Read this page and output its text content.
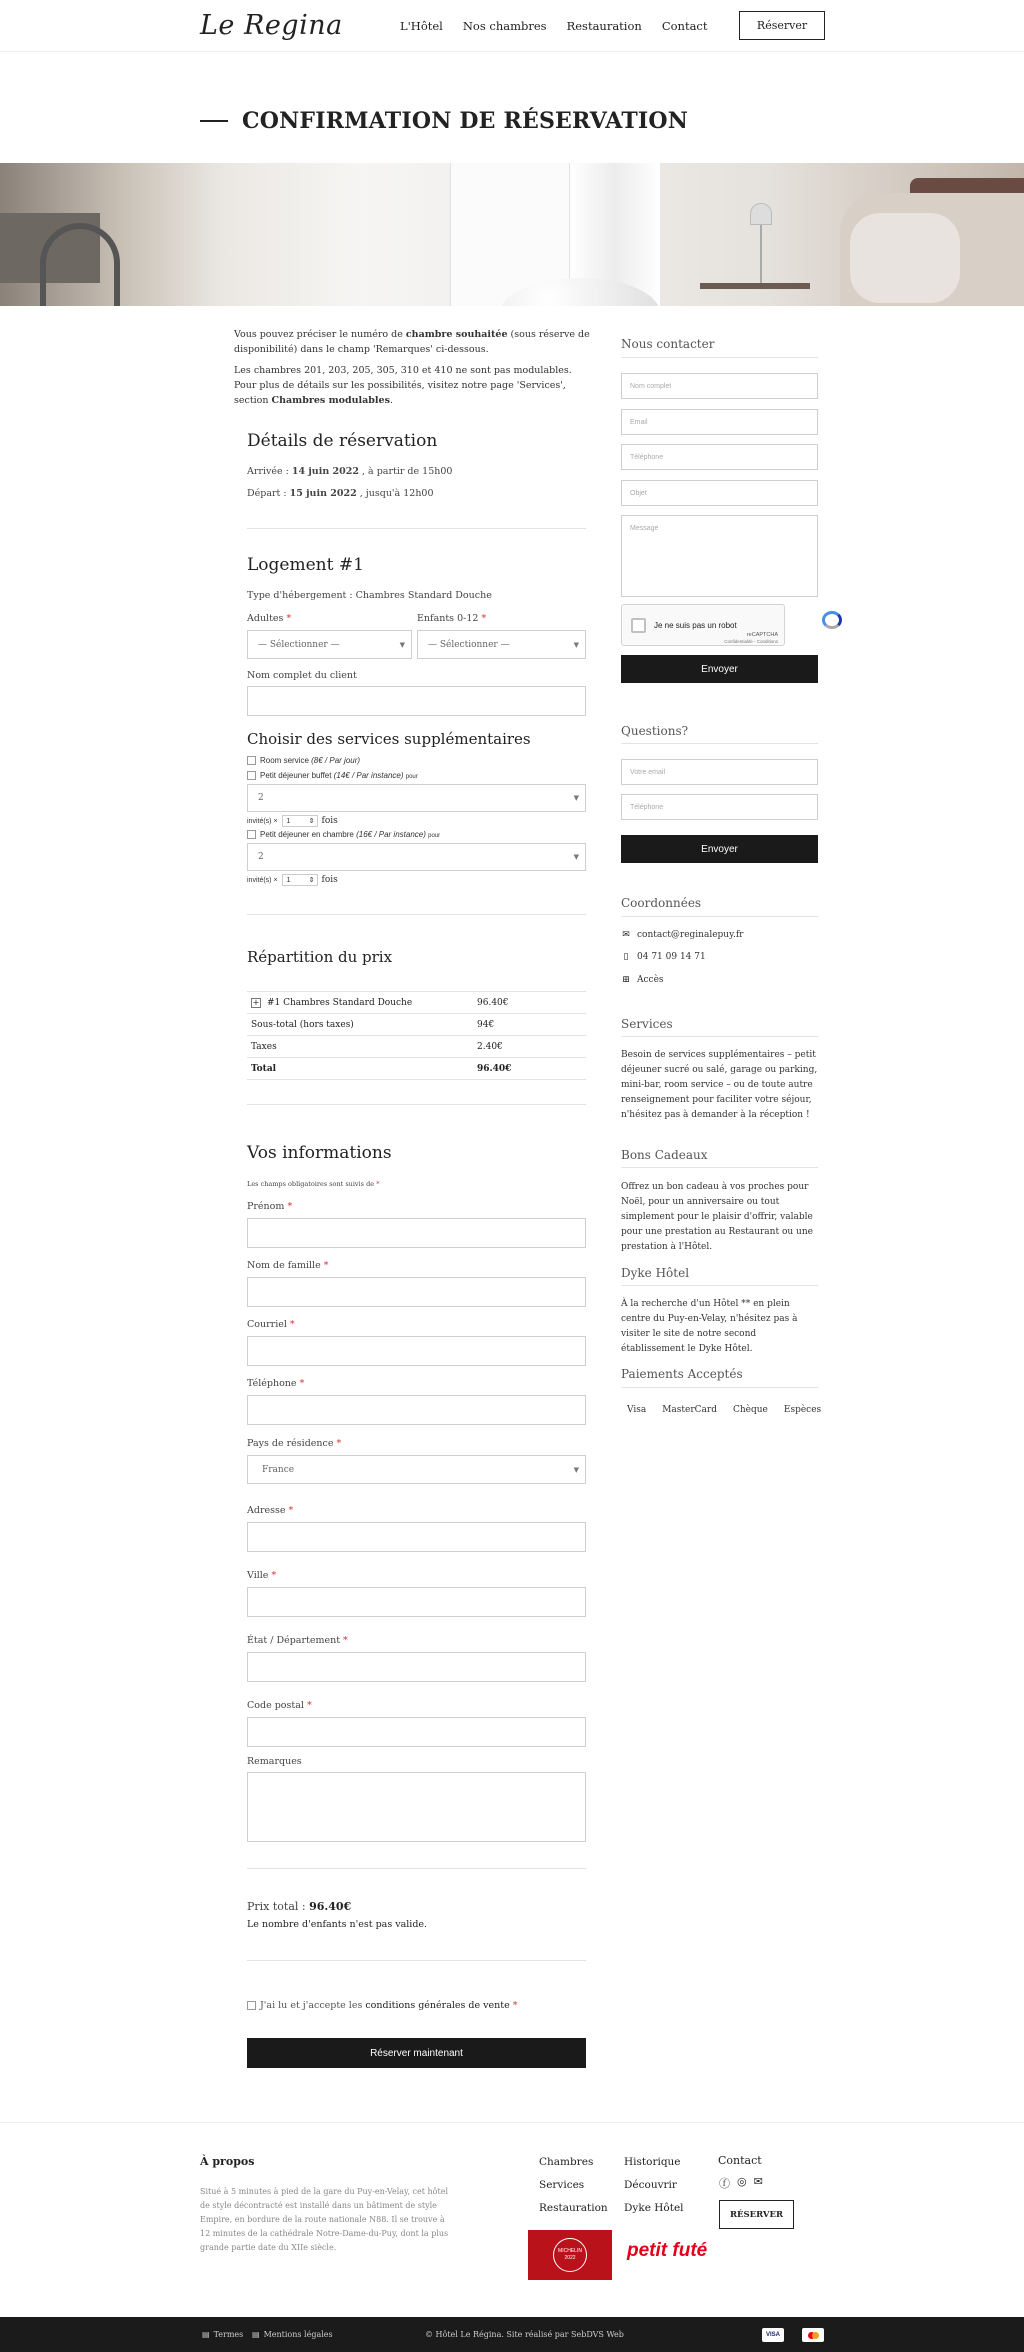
Le Regina	L'Hôtel Nos chambres Restauration Contact	Réserver
CONFIRMATION DE RÉSERVATION

Vous pouvez préciser le numéro de chambre souhaitée (sous réserve de disponibilité) dans le champ 'Remarques' ci-dessous.

Les chambres 201, 203, 205, 305, 310 et 410 ne sont pas modulables. Pour plus de détails sur les possibilités, visitez notre page 'Services', section Chambres modulables.

Détails de réservation
Arrivée : 14 juin 2022 , à partir de 15h00
Départ : 15 juin 2022 , jusqu'à 12h00
Logement #1
Type d'hébergement : Chambres Standard Douche
Adultes *	Enfants 0-12 *
— Sélectionner —	▼	— Sélectionner —	▼
Nom complet du client
Choisir des services supplémentaires
Room service (8€ / Par jour)
Petit déjeuner buffet (14€ / Par instance) pour
2	▼
invité(s) × 1	⇕ fois
Petit déjeuner en chambre (16€ / Par instance) pour
2	▼
invité(s) × 1	⇕ fois
Répartition du prix
+ #1 Chambres Standard Douche	96.40€
Sous-total (hors taxes)	94€
Taxes	2.40€
Total	96.40€
Vos informations
Les champs obligatoires sont suivis de *
Prénom *
Nom de famille *
Courriel *
Téléphone *
Pays de résidence *
France	▼
Adresse *
Ville *
État / Département *
Code postal *
Remarques
Prix total : 96.40€
Le nombre d'enfants n'est pas valide.
J'ai lu et j'accepte les conditions générales de vente *
Réserver maintenant
Nous contacter
Nom complet
Email
Téléphone
Objet
Message
Je ne suis pas un robot
reCAPTCHA
Confidentialité - Conditions
Envoyer
Questions?
Votre email
Téléphone
Envoyer
Coordonnées
✉ contact@reginalepuy.fr
▯ 04 71 09 14 71
⊞ Accès
Services
Besoin de services supplémentaires – petit déjeuner sucré ou salé, garage ou parking, mini-bar, room service – ou de toute autre renseignement pour faciliter votre séjour, n'hésitez pas à demander à la réception !
Bons Cadeaux
Offrez un bon cadeau à vos proches pour Noël, pour un anniversaire ou tout simplement pour le plaisir d'offrir, valable pour une prestation au Restaurant ou une prestation à l'Hôtel.
Dyke Hôtel
À la recherche d'un Hôtel ** en plein centre du Puy-en-Velay, n'hésitez pas à visiter le site de notre second établissement le Dyke Hôtel.
Paiements Acceptés
Visa MasterCard Chèque Espèces
À propos
Situé à 5 minutes à pied de la gare du Puy-en-Velay, cet hôtel de style décontracté est installé dans un bâtiment de style Empire, en bordure de la route nationale N88. Il se trouve à 12 minutes de la cathédrale Notre-Dame-du-Puy, dont la plus grande partie date du XIIe siècle.
Chambres
Services
Restauration
Historique
Découvrir
Dyke Hôtel
Contact
ⓕ ◎ ✉
RÉSERVER
MICHELIN 2022	petit futé
▤ Termes ▤ Mentions légales	© Hôtel Le Régina. Site réalisé par SebDVS Web	VISA
